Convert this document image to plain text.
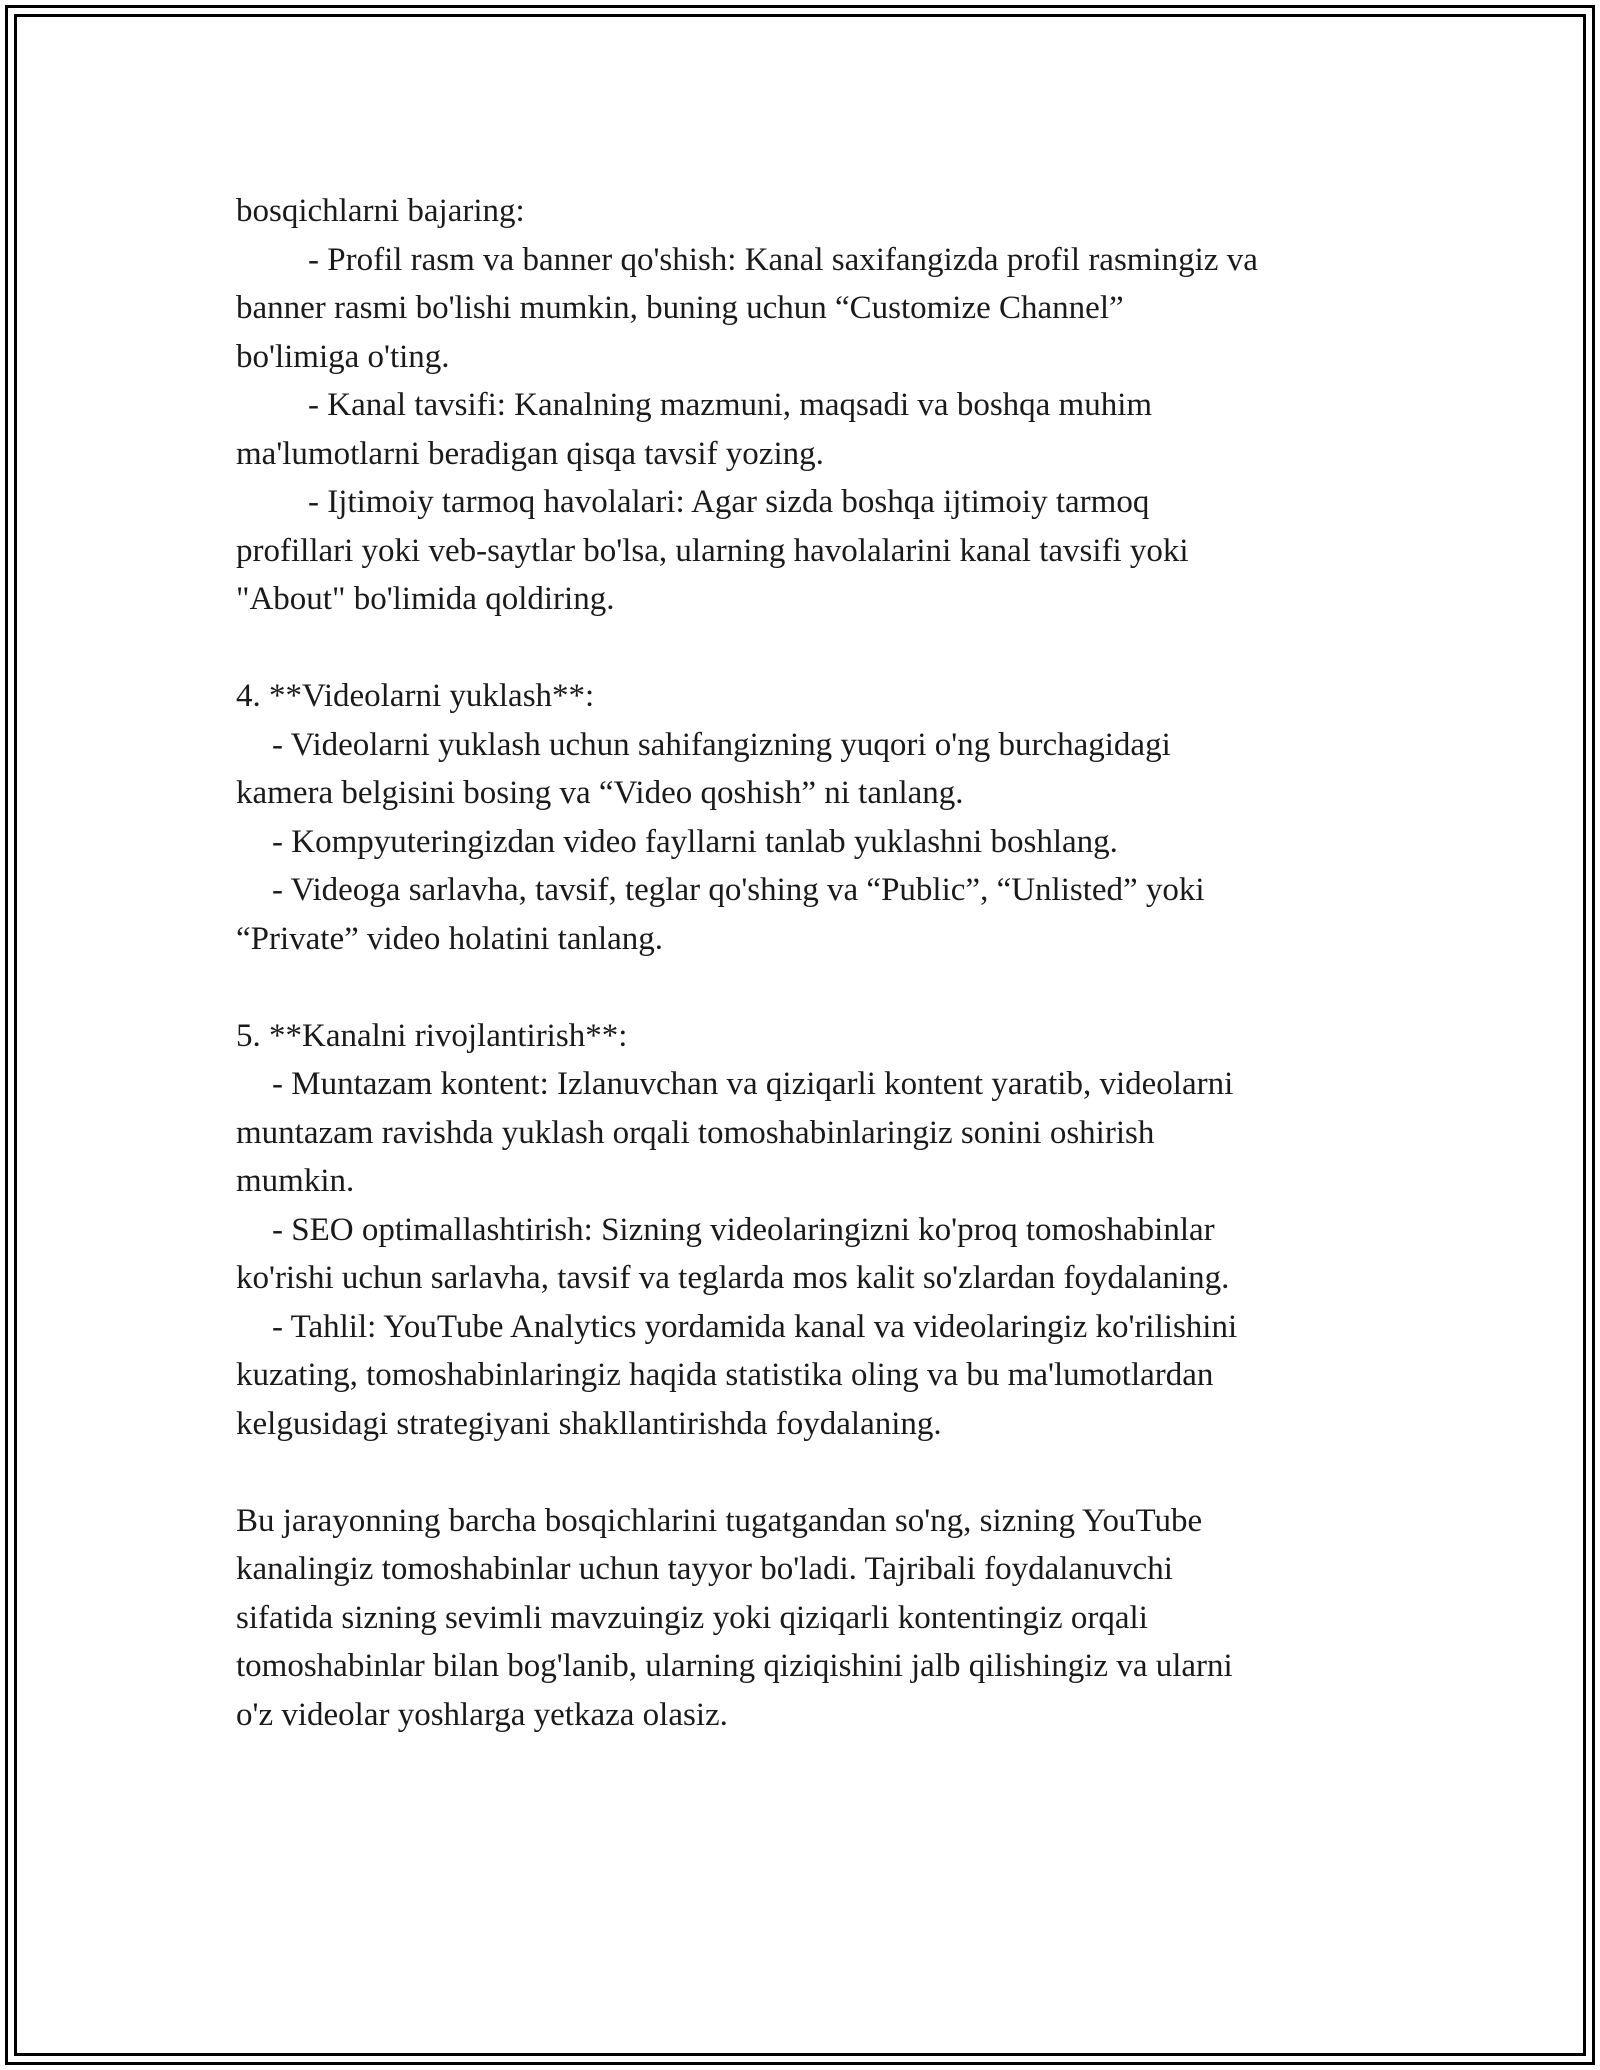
bosqichlarni bajaring:
- Profil rasm va banner qo'shish: Kanal saxifangizda profil rasmingiz va
banner rasmi bo'lishi mumkin, buning uchun “Customize Channel”
bo'limiga o'ting.
- Kanal tavsifi: Kanalning mazmuni, maqsadi va boshqa muhim
ma'lumotlarni beradigan qisqa tavsif yozing.
- Ijtimoiy tarmoq havolalari: Agar sizda boshqa ijtimoiy tarmoq
profillari yoki veb-saytlar bo'lsa, ularning havolalarini kanal tavsifi yoki
"About" bo'limida qoldiring.
4. **Videolarni yuklash**:
- Videolarni yuklash uchun sahifangizning yuqori o'ng burchagidagi
kamera belgisini bosing va “Video qoshish” ni tanlang.
- Kompyuteringizdan video fayllarni tanlab yuklashni boshlang.
- Videoga sarlavha, tavsif, teglar qo'shing va “Public”, “Unlisted” yoki
“Private” video holatini tanlang.
5. **Kanalni rivojlantirish**:
- Muntazam kontent: Izlanuvchan va qiziqarli kontent yaratib, videolarni
muntazam ravishda yuklash orqali tomoshabinlaringiz sonini oshirish
mumkin.
- SEO optimallashtirish: Sizning videolaringizni ko'proq tomoshabinlar
ko'rishi uchun sarlavha, tavsif va teglarda mos kalit so'zlardan foydalaning.
- Tahlil: YouTube Analytics yordamida kanal va videolaringiz ko'rilishini
kuzating, tomoshabinlaringiz haqida statistika oling va bu ma'lumotlardan
kelgusidagi strategiyani shakllantirishda foydalaning.
Bu jarayonning barcha bosqichlarini tugatgandan so'ng, sizning YouTube
kanalingiz tomoshabinlar uchun tayyor bo'ladi. Tajribali foydalanuvchi
sifatida sizning sevimli mavzuingiz yoki qiziqarli kontentingiz orqali
tomoshabinlar bilan bog'lanib, ularning qiziqishini jalb qilishingiz va ularni
o'z videolar yoshlarga yetkaza olasiz.
